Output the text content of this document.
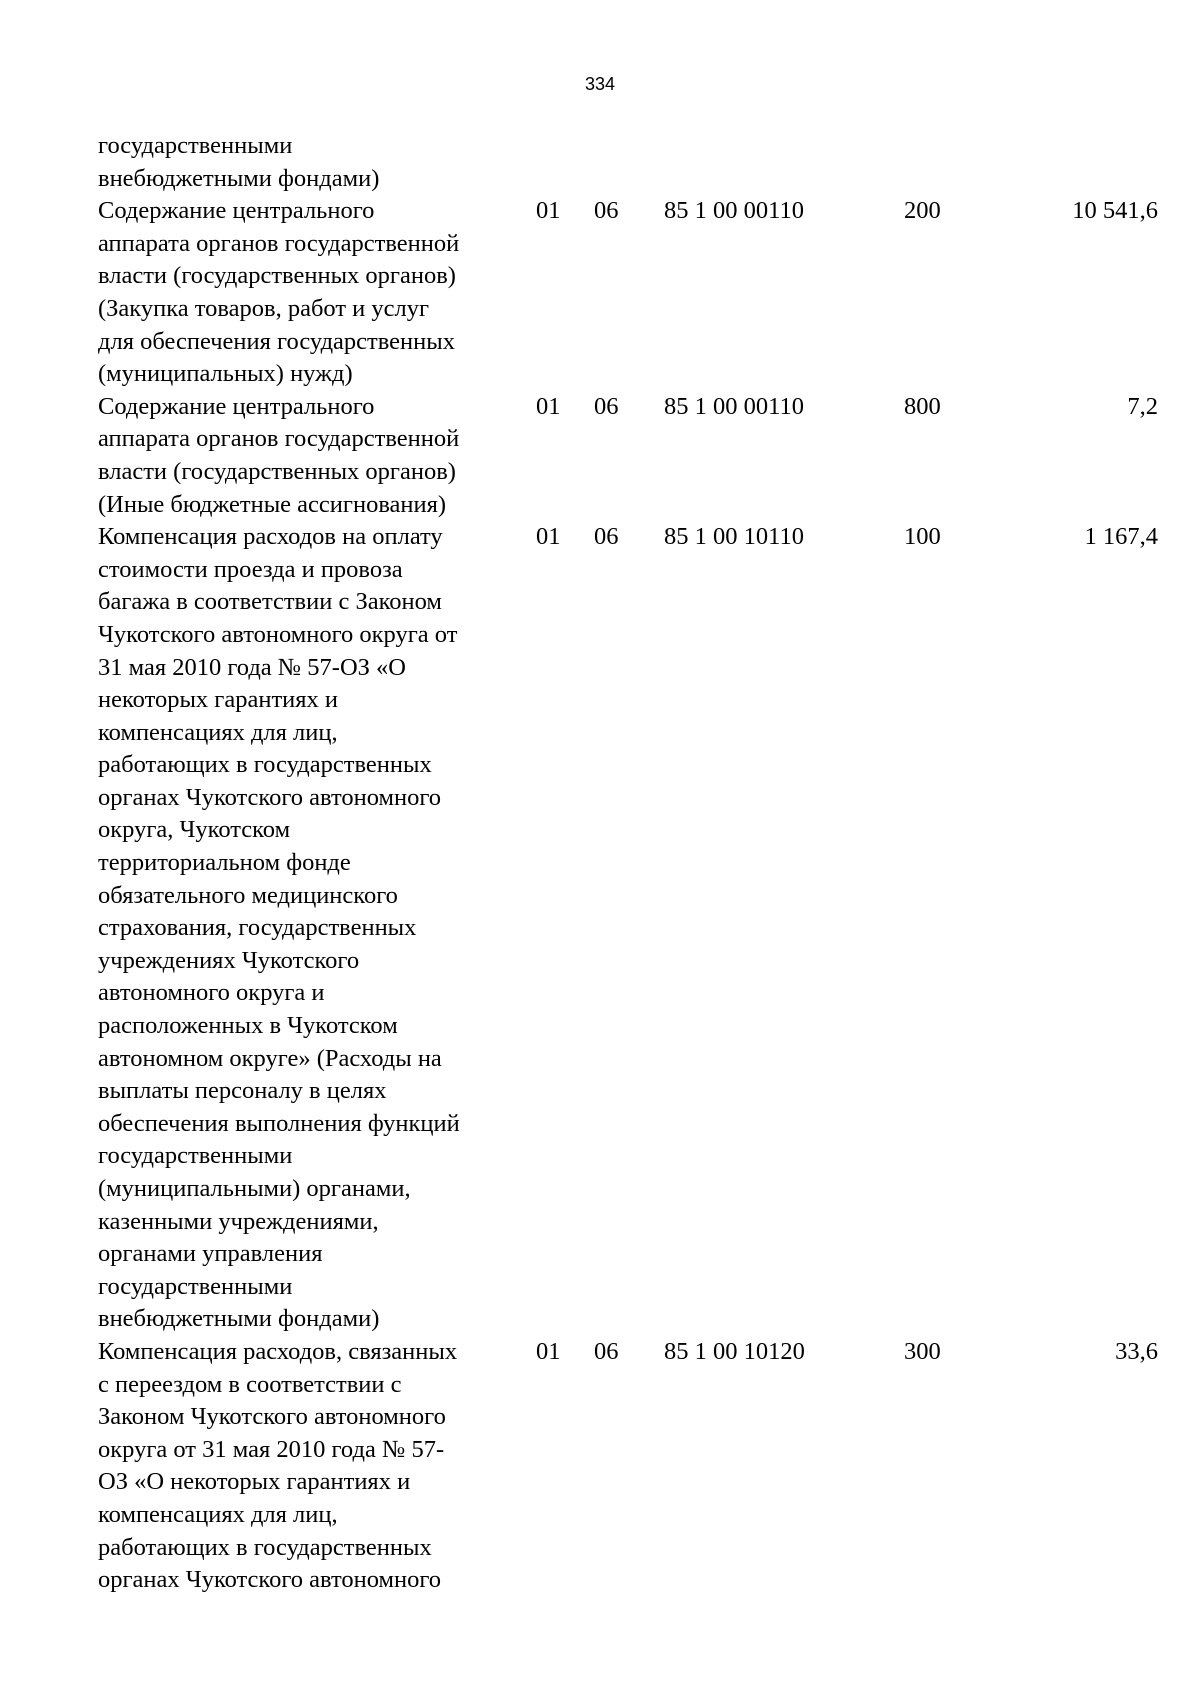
334
государственными
внебюджетными фондами)
Содержание центрального
аппарата органов государственной
власти (государственных органов)
(Закупка товаров, работ и услуг
для обеспечения государственных
(муниципальных) нужд)
01	06	85 1 00 00110	200	10 541,6
Содержание центрального
аппарата органов государственной
власти (государственных органов)
(Иные бюджетные ассигнования)
01	06	85 1 00 00110	800	7,2
Компенсация расходов на оплату
стоимости проезда и провоза
багажа в соответствии с Законом
Чукотского автономного округа от
31 мая 2010 года № 57-ОЗ «О
некоторых гарантиях и
компенсациях для лиц,
работающих в государственных
органах Чукотского автономного
округа, Чукотском
территориальном фонде
обязательного медицинского
страхования, государственных
учреждениях Чукотского
автономного округа и
расположенных в Чукотском
автономном округе» (Расходы на
выплаты персоналу в целях
обеспечения выполнения функций
государственными
(муниципальными) органами,
казенными учреждениями,
органами управления
государственными
внебюджетными фондами)
01	06	85 1 00 10110	100	1 167,4
Компенсация расходов, связанных
с переездом в соответствии с
Законом Чукотского автономного
округа от 31 мая 2010 года № 57-
ОЗ «О некоторых гарантиях и
компенсациях для лиц,
работающих в государственных
органах Чукотского автономного
01	06	85 1 00 10120	300	33,6
